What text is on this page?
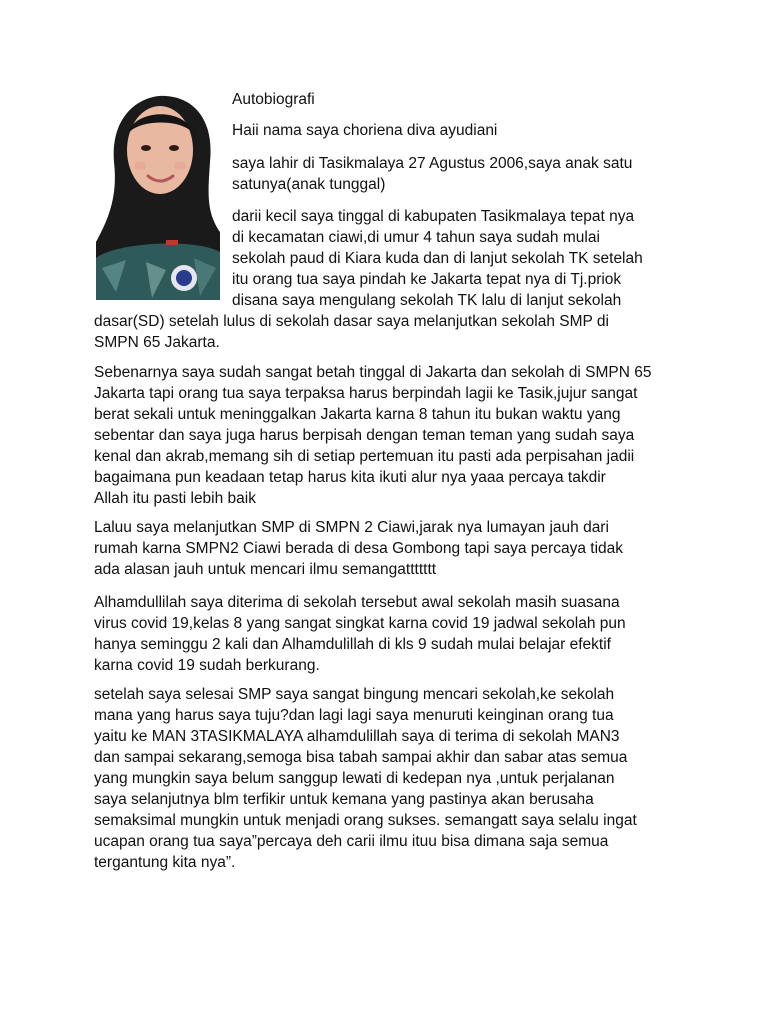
Autobiografi
Haii nama saya choriena diva ayudiani
saya lahir di Tasikmalaya 27 Agustus 2006,saya anak satu
satunya(anak tunggal)
darii kecil saya tinggal di kabupaten Tasikmalaya tepat nya
di kecamatan ciawi,di umur 4 tahun saya sudah mulai
sekolah paud di Kiara kuda dan di lanjut sekolah TK setelah
itu orang tua saya pindah ke Jakarta tepat nya di Tj.priok
disana saya mengulang sekolah TK lalu di lanjut sekolah
dasar(SD) setelah lulus di sekolah dasar saya melanjutkan sekolah SMP di
SMPN 65 Jakarta.
Sebenarnya saya sudah sangat betah tinggal di Jakarta dan sekolah di SMPN 65
Jakarta tapi orang tua saya terpaksa harus berpindah lagii ke Tasik,jujur sangat
berat sekali untuk meninggalkan Jakarta karna 8 tahun itu bukan waktu yang
sebentar dan saya juga harus berpisah dengan teman teman yang sudah saya
kenal dan akrab,memang sih di setiap pertemuan itu pasti ada perpisahan jadii
bagaimana pun keadaan tetap harus kita ikuti alur nya yaaa percaya takdir
Allah itu pasti lebih baik
Laluu saya melanjutkan SMP di SMPN 2 Ciawi,jarak nya lumayan jauh dari
rumah karna SMPN2 Ciawi berada di desa Gombong tapi saya percaya tidak
ada alasan jauh untuk mencari ilmu semangattttttt
Alhamdullilah saya diterima di sekolah tersebut awal sekolah masih suasana
virus covid 19,kelas 8 yang sangat singkat karna covid 19 jadwal sekolah pun
hanya seminggu 2 kali dan Alhamdulillah di kls 9 sudah mulai belajar efektif
karna covid 19 sudah berkurang.
setelah saya selesai SMP saya sangat bingung mencari sekolah,ke sekolah
mana yang harus saya tuju?dan lagi lagi saya menuruti keinginan orang tua
yaitu ke MAN 3TASIKMALAYA alhamdulillah saya di terima di sekolah MAN3
dan sampai sekarang,semoga bisa tabah sampai akhir dan sabar atas semua
yang mungkin saya belum sanggup lewati di kedepan nya ,untuk perjalanan
saya selanjutnya blm terfikir untuk kemana yang pastinya akan berusaha
semaksimal mungkin untuk menjadi orang sukses. semangatt saya selalu ingat
ucapan orang tua saya”percaya deh carii ilmu ituu bisa dimana saja semua
tergantung kita nya”.
